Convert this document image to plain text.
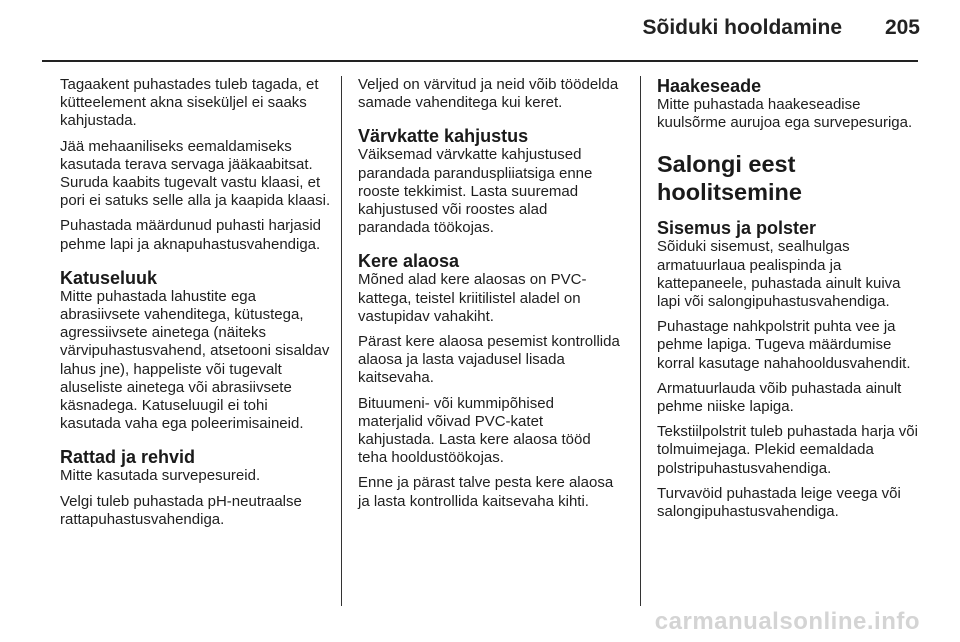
Sõiduki hooldamine 205

Tagaakent puhastades tuleb tagada, et kütteelement akna siseküljel ei saaks kahjustada.

Jää mehaaniliseks eemaldamiseks kasutada terava servaga jääkaabitsat. Suruda kaabits tugevalt vastu klaasi, et pori ei satuks selle alla ja kaapida klaasi.

Puhastada määrdunud puhasti harjasid pehme lapi ja aknapuhastusvahendiga.

Katuseluuk

Mitte puhastada lahustite ega abrasiivsete vahenditega, kütustega, agressiivsete ainetega (näiteks värvipuhastusvahend, atsetooni sisaldav lahus jne), happeliste või tugevalt aluseliste ainetega või abrasiivsete käsnadega. Katuseluugil ei tohi kasutada vaha ega poleerimisaineid.

Rattad ja rehvid

Mitte kasutada survepesureid.

Velgi tuleb puhastada pH-neutraalse rattapuhastusvahendiga.

Veljed on värvitud ja neid võib töödelda samade vahenditega kui keret.

Värvkatte kahjustus

Väiksemad värvkatte kahjustused parandada paranduspliiatsiga enne rooste tekkimist. Lasta suuremad kahjustused või roostes alad parandada töökojas.

Kere alaosa

Mõned alad kere alaosas on PVC-kattega, teistel kriitilistel aladel on vastupidav vahakiht.

Pärast kere alaosa pesemist kontrollida alaosa ja lasta vajadusel lisada kaitsevaha.

Bituumeni- või kummipõhised materjalid võivad PVC-katet kahjustada. Lasta kere alaosa tööd teha hooldustöökojas.

Enne ja pärast talve pesta kere alaosa ja lasta kontrollida kaitsevaha kihti.

Haakeseade

Mitte puhastada haakeseadise kuulsõrme aurujoa ega survepesuriga.

Salongi eest hoolitsemine
Sisemus ja polster

Sõiduki sisemust, sealhulgas armatuurlaua pealispinda ja kattepaneele, puhastada ainult kuiva lapi või salongipuhastusvahendiga.

Puhastage nahkpolstrit puhta vee ja pehme lapiga. Tugeva määrdumise korral kasutage nahahooldusvahendit.

Armatuurlauda võib puhastada ainult pehme niiske lapiga.

Tekstiilpolstrit tuleb puhastada harja või tolmuimejaga. Plekid eemaldada polstripuhastusvahendiga.

Turvavöid puhastada leige veega või salongipuhastusvahendiga.

carmanualsonline.info
